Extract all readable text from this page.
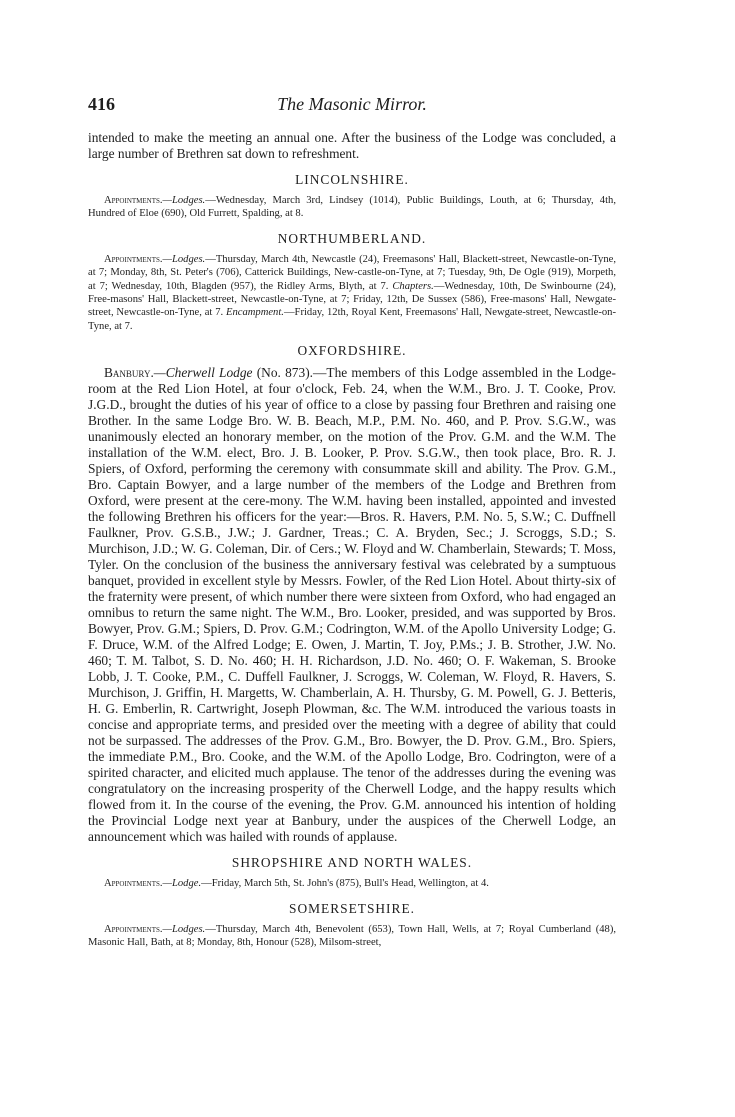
416	The Masonic Mirror.

intended to make the meeting an annual one. After the business of the Lodge was concluded, a large number of Brethren sat down to refreshment.

LINCOLNSHIRE.

Appointments.—Lodges.—Wednesday, March 3rd, Lindsey (1014), Public Buildings, Louth, at 6; Thursday, 4th, Hundred of Eloe (690), Old Furrett, Spalding, at 8.

NORTHUMBERLAND.

Appointments.—Lodges.—Thursday, March 4th, Newcastle (24), Freemasons' Hall, Blackett-street, Newcastle-on-Tyne, at 7; Monday, 8th, St. Peter's (706), Catterick Buildings, New-castle-on-Tyne, at 7; Tuesday, 9th, De Ogle (919), Morpeth, at 7; Wednesday, 10th, Blagden (957), the Ridley Arms, Blyth, at 7. Chapters.—Wednesday, 10th, De Swinbourne (24), Free-masons' Hall, Blackett-street, Newcastle-on-Tyne, at 7; Friday, 12th, De Sussex (586), Free-masons' Hall, Newgate-street, Newcastle-on-Tyne, at 7. Encampment.—Friday, 12th, Royal Kent, Freemasons' Hall, Newgate-street, Newcastle-on-Tyne, at 7.

OXFORDSHIRE.

Banbury.—Cherwell Lodge (No. 873).—The members of this Lodge assembled in the Lodge-room at the Red Lion Hotel, at four o'clock, Feb. 24, when the W.M., Bro. J. T. Cooke, Prov. J.G.D., brought the duties of his year of office to a close by passing four Brethren and raising one Brother. In the same Lodge Bro. W. B. Beach, M.P., P.M. No. 460, and P. Prov. S.G.W., was unanimously elected an honorary member, on the motion of the Prov. G.M. and the W.M. The installation of the W.M. elect, Bro. J. B. Looker, P. Prov. S.G.W., then took place, Bro. R. J. Spiers, of Oxford, performing the ceremony with consummate skill and ability. The Prov. G.M., Bro. Captain Bowyer, and a large number of the members of the Lodge and Brethren from Oxford, were present at the cere-mony. The W.M. having been installed, appointed and invested the following Brethren his officers for the year:—Bros. R. Havers, P.M. No. 5, S.W.; C. Duffnell Faulkner, Prov. G.S.B., J.W.; J. Gardner, Treas.; C. A. Bryden, Sec.; J. Scroggs, S.D.; S. Murchison, J.D.; W. G. Coleman, Dir. of Cers.; W. Floyd and W. Chamberlain, Stewards; T. Moss, Tyler. On the conclusion of the business the anniversary festival was celebrated by a sumptuous banquet, provided in excellent style by Messrs. Fowler, of the Red Lion Hotel. About thirty-six of the fraternity were present, of which number there were sixteen from Oxford, who had engaged an omnibus to return the same night. The W.M., Bro. Looker, presided, and was supported by Bros. Bowyer, Prov. G.M.; Spiers, D. Prov. G.M.; Codrington, W.M. of the Apollo University Lodge; G. F. Druce, W.M. of the Alfred Lodge; E. Owen, J. Martin, T. Joy, P.Ms.; J. B. Strother, J.W. No. 460; T. M. Talbot, S. D. No. 460; H. H. Richardson, J.D. No. 460; O. F. Wakeman, S. Brooke Lobb, J. T. Cooke, P.M., C. Duffell Faulkner, J. Scroggs, W. Coleman, W. Floyd, R. Havers, S. Murchison, J. Griffin, H. Margetts, W. Chamberlain, A. H. Thursby, G. M. Powell, G. J. Betteris, H. G. Emberlin, R. Cartwright, Joseph Plowman, &c. The W.M. introduced the various toasts in concise and appropriate terms, and presided over the meeting with a degree of ability that could not be surpassed. The addresses of the Prov. G.M., Bro. Bowyer, the D. Prov. G.M., Bro. Spiers, the immediate P.M., Bro. Cooke, and the W.M. of the Apollo Lodge, Bro. Codrington, were of a spirited character, and elicited much applause. The tenor of the addresses during the evening was congratulatory on the increasing prosperity of the Cherwell Lodge, and the happy results which flowed from it. In the course of the evening, the Prov. G.M. announced his intention of holding the Provincial Lodge next year at Banbury, under the auspices of the Cherwell Lodge, an announcement which was hailed with rounds of applause.

SHROPSHIRE AND NORTH WALES.

Appointments.—Lodge.—Friday, March 5th, St. John's (875), Bull's Head, Wellington, at 4.

SOMERSETSHIRE.

Appointments.—Lodges.—Thursday, March 4th, Benevolent (653), Town Hall, Wells, at 7; Royal Cumberland (48), Masonic Hall, Bath, at 8; Monday, 8th, Honour (528), Milsom-street,
